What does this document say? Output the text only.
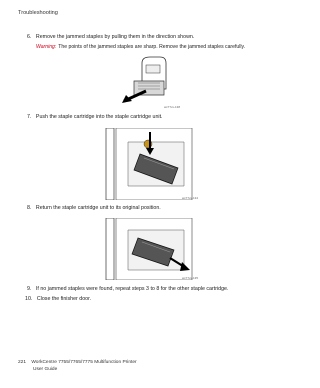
Troubleshooting
6. Remove the jammed staples by pulling them in the direction shown.
Warning: The points of the jammed staples are sharp. Remove the jammed staples carefully.
wc77xx-138
7. Push the staple cartridge into the staple cartridge unit.
wc77xx-134
8. Return the staple cartridge unit to its original position.
wc77xx-135
9. If no jammed staples were found, repeat steps 3 to 8 for the other staple cartridge.
10. Close the finisher door.
221 WorkCentre 7755/7765/7775 Multifunction Printer
User Guide
